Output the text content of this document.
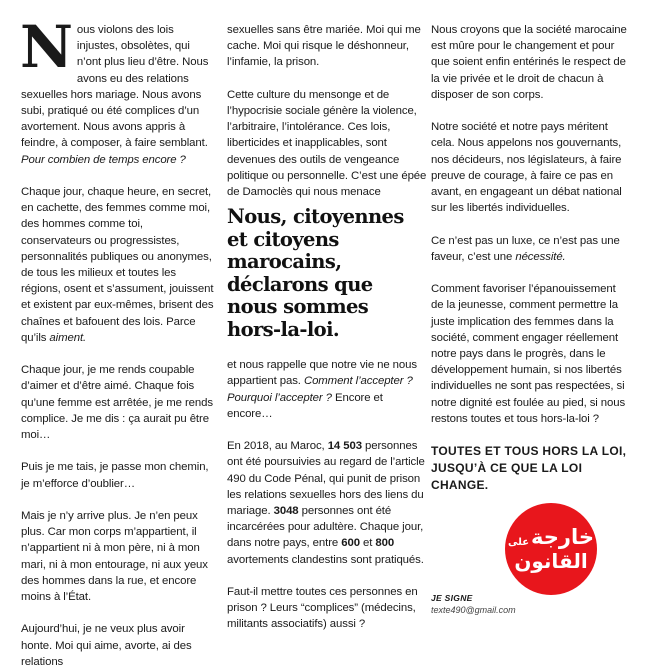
Nous violons des lois injustes, obsolètes, qui n’ont plus lieu d’être. Nous avons eu des relations sexuelles hors mariage. Nous avons subi, pratiqué ou été complices d’un avortement. Nous avons appris à feindre, à composer, à faire semblant. Pour combien de temps encore ?

Chaque jour, chaque heure, en secret, en cachette, des femmes comme moi, des hommes comme toi, conservateurs ou progressistes, personnalités publiques ou anonymes, de tous les milieux et toutes les régions, osent et s’assument, jouissent et existent par eux-mêmes, brisent des chaînes et bafouent des lois. Parce qu’ils aiment.

Chaque jour, je me rends coupable d’aimer et d’être aimé. Chaque fois qu’une femme est arrêtée, je me rends complice. Je me dis : ça aurait pu être moi…

Puis je me tais, je passe mon chemin, je m’efforce d’oublier…

Mais je n’y arrive plus. Je n’en peux plus. Car mon corps m’appartient, il n’appartient ni à mon père, ni à mon mari, ni à mon entourage, ni aux yeux des hommes dans la rue, et encore moins à l’État.

Aujourd’hui, je ne veux plus avoir honte. Moi qui aime, avorte, ai des relations

sexuelles sans être mariée. Moi qui me cache. Moi qui risque le déshonneur, l’infamie, la prison.

Cette culture du mensonge et de l’hypocrisie sociale génère la violence, l’arbitraire, l’intolérance. Ces lois, liberticides et inapplicables, sont devenues des outils de vengeance politique ou personnelle. C’est une épée de Damoclès qui nous menace

Nous, citoyennes et citoyens marocains, déclarons que nous sommes hors-la-loi.

et nous rappelle que notre vie ne nous appartient pas. Comment l’accepter ? Pourquoi l’accepter ? Encore et encore…

En 2018, au Maroc, 14 503 personnes ont été poursuivies au regard de l’article 490 du Code Pénal, qui punit de prison les relations sexuelles hors des liens du mariage. 3048 personnes ont été incarcérées pour adultère. Chaque jour, dans notre pays, entre 600 et 800 avortements clandestins sont pratiqués.

Faut-il mettre toutes ces personnes en prison ? Leurs “complices” (médecins, militants associatifs) aussi ?

Nous croyons que la société marocaine est mûre pour le changement et pour que soient enfin entérinés le respect de la vie privée et le droit de chacun à disposer de son corps.

Notre société et notre pays méritent cela. Nous appelons nos gouvernants, nos décideurs, nos législateurs, à faire preuve de courage, à faire ce pas en avant, en engageant un débat national sur les libertés individuelles.

Ce n’est pas un luxe, ce n’est pas une faveur, c’est une nécessité.

Comment favoriser l’épanouissement de la jeunesse, comment permettre la juste implication des femmes dans la société, comment engager réellement notre pays dans le progrès, dans le développement humain, si nos libertés individuelles ne sont pas respectées, si notre dignité est foulée au pied, si nous restons toutes et tous hors-la-loi ?

TOUTES ET TOUS HORS LA LOI, JUSQU’À CE QUE LA LOI CHANGE.

خارجة
على
القانون
JE SIGNE
texte490@gmail.com
